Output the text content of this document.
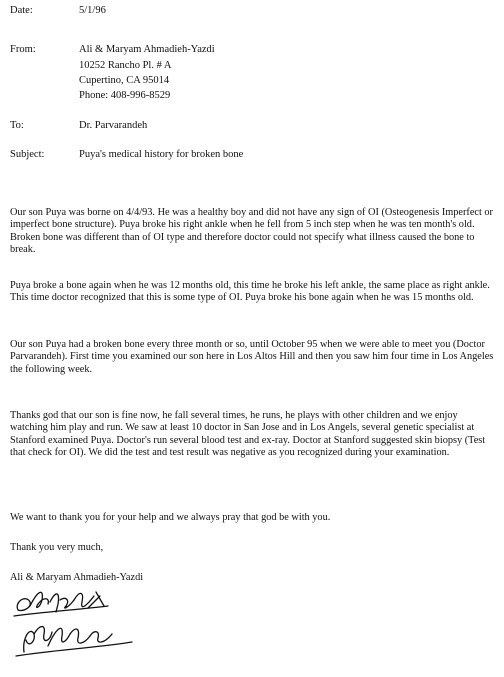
Date:	5/1/96
From:	Ali & Maryam Ahmadieh-Yazdi
10252 Rancho Pl. # A
Cupertino, CA 95014
Phone: 408-996-8529
To:	Dr. Parvarandeh
Subject:	Puya's medical history for broken bone

Our son Puya was borne on 4/4/93. He was a healthy boy and did not have any sign of OI (Osteogenesis Imperfect or imperfect bone structure). Puya broke his right ankle when he fell from 5 inch step when he was ten month's old. Broken bone was different than of OI type and therefore doctor could not specify what illness caused the bone to break.

Puya broke a bone again when he was 12 months old, this time he broke his left ankle, the same place as right ankle. This time doctor recognized that this is some type of OI. Puya broke his bone again when he was 15 months old.

Our son Puya had a broken bone every three month or so, until October 95 when we were able to meet you (Doctor Parvarandeh). First time you examined our son here in Los Altos Hill and then you saw him four time in Los Angeles the following week.

Thanks god that our son is fine now, he fall several times, he runs, he plays with other children and we enjoy watching him play and run. We saw at least 10 doctor in San Jose and in Los Angels, several genetic specialist at Stanford examined Puya. Doctor's run several blood test and ex-ray. Doctor at Stanford suggested skin biopsy (Test that check for OI). We did the test and test result was negative as you recognized during your examination.

We want to thank you for your help and we always pray that god be with you.

Thank you very much,
Ali & Maryam Ahmadieh-Yazdi
